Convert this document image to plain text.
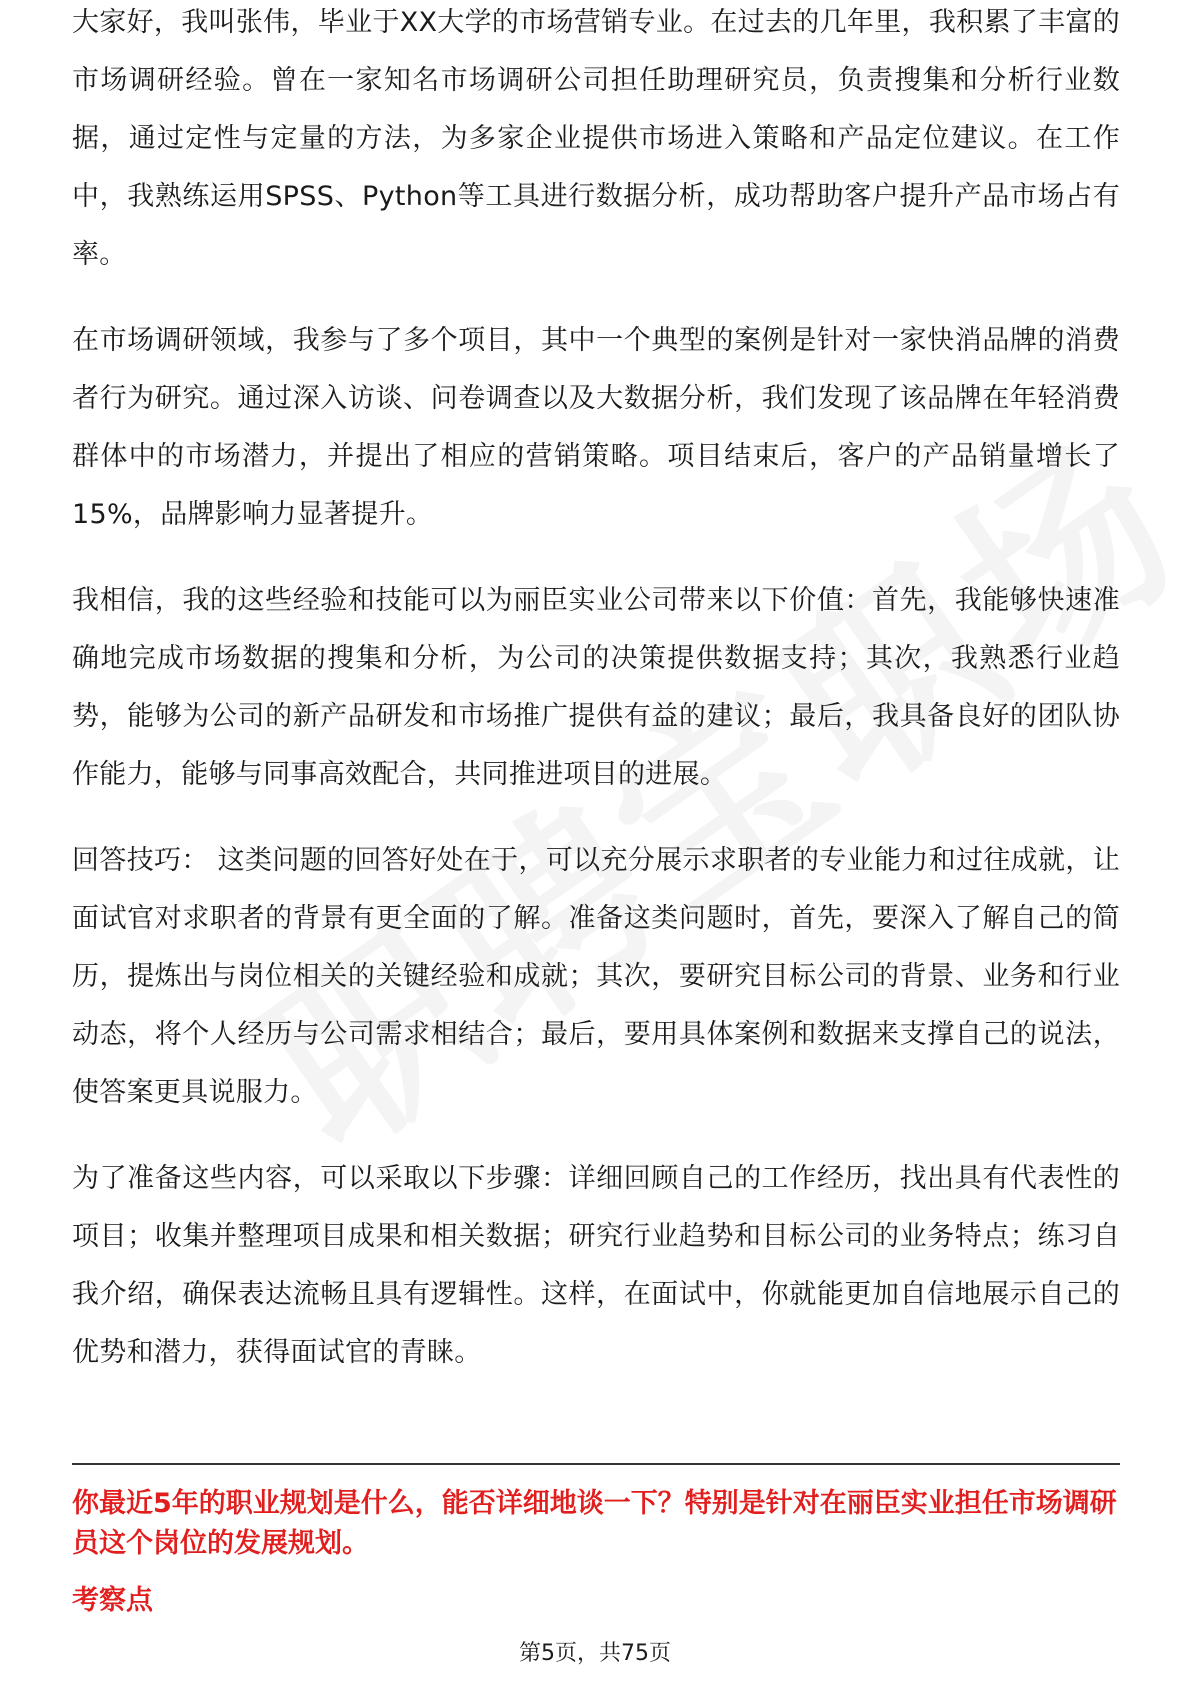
大家好，我叫张伟，毕业于XX大学的市场营销专业。在过去的几年里，我积累了丰富的市场调研经验。曾在一家知名市场调研公司担任助理研究员，负责搜集和分析行业数据，通过定性与定量的方法，为多家企业提供市场进入策略和产品定位建议。在工作中，我熟练运用SPSS、Python等工具进行数据分析，成功帮助客户提升产品市场占有率。

在市场调研领域，我参与了多个项目，其中一个典型的案例是针对一家快消品牌的消费者行为研究。通过深入访谈、问卷调查以及大数据分析，我们发现了该品牌在年轻消费群体中的市场潜力，并提出了相应的营销策略。项目结束后，客户的产品销量增长了15%，品牌影响力显著提升。

我相信，我的这些经验和技能可以为丽臣实业公司带来以下价值：首先，我能够快速准确地完成市场数据的搜集和分析，为公司的决策提供数据支持；其次，我熟悉行业趋势，能够为公司的新产品研发和市场推广提供有益的建议；最后，我具备良好的团队协作能力，能够与同事高效配合，共同推进项目的进展。

回答技巧： 这类问题的回答好处在于，可以充分展示求职者的专业能力和过往成就，让面试官对求职者的背景有更全面的了解。准备这类问题时，首先，要深入了解自己的简历，提炼出与岗位相关的关键经验和成就；其次，要研究目标公司的背景、业务和行业动态，将个人经历与公司需求相结合；最后，要用具体案例和数据来支撑自己的说法，使答案更具说服力。

为了准备这些内容，可以采取以下步骤：详细回顾自己的工作经历，找出具有代表性的项目；收集并整理项目成果和相关数据；研究行业趋势和目标公司的业务特点；练习自我介绍，确保表达流畅且具有逻辑性。这样，在面试中，你就能更加自信地展示自己的优势和潜力，获得面试官的青睐。

你最近5年的职业规划是什么，能否详细地谈一下？特别是针对在丽臣实业担任市场调研员这个岗位的发展规划。
考察点
第5页，共75页
